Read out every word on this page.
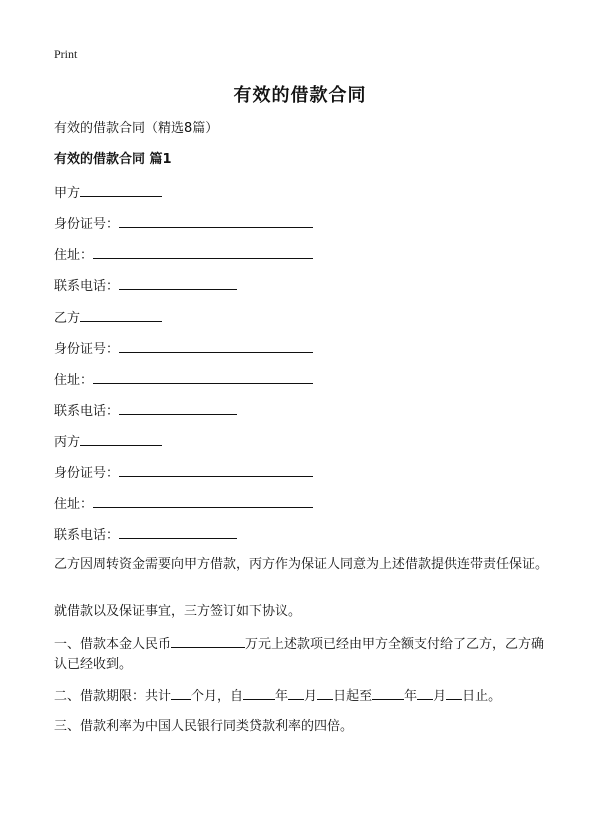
Print
有效的借款合同
有效的借款合同（精选8篇）
有效的借款合同 篇1
甲方
身份证号：
住址：
联系电话：
乙方
身份证号：
住址：
联系电话：
丙方
身份证号：
住址：
联系电话：
乙方因周转资金需要向甲方借款，丙方作为保证人同意为上述借款提供连带责任保证。
就借款以及保证事宜，三方签订如下协议。
一、借款本金人民币	万元上述款项已经由甲方全额支付给了乙方，乙方确认已经收到。
二、借款期限：共计 个月，自 年 月 日起至 年 月 日止。
三、借款利率为中国人民银行同类贷款利率的四倍。
